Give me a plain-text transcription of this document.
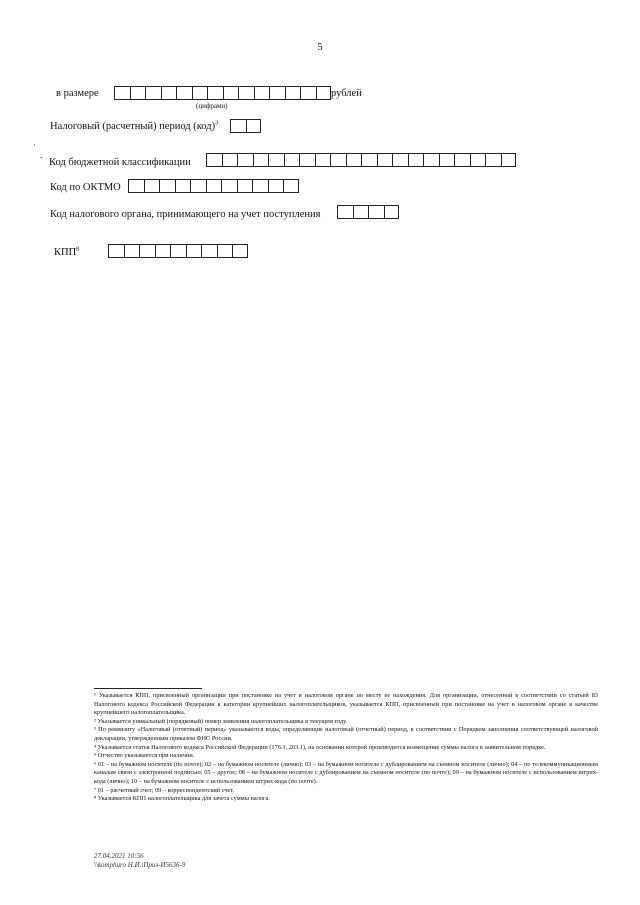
5
·
-
в размере	рублей
(цифрами)
Налоговый (расчетный) период (код)$^3$
Код бюджетной классификации
Код по ОКТМО
Код налогового органа, принимающего на учет поступления
КПП$^8$

¹ Указывается КПП, присвоенный организации при постановке на учет в налоговом органе по месту ее нахождения. Для организации, отнесенной в соответствии со статьей 83 Налогового кодекса Российской Федерации к категории крупнейших налогоплательщиков, указывается КПП, присвоенный при постановке на учет в налоговом органе в качестве крупнейшего налогоплательщика.

² Указывается уникальный (порядковый) номер заявления налогоплательщика в текущем году.

³ По реквизиту «Налоговый (отчетный) период» указываются коды, определяющие налоговый (отчетный) период, в соответствии с Порядком заполнения соответствующей налоговой декларации, утвержденным приказом ФНС России.

⁴ Указывается статья Налогового кодекса Российской Федерации (176.1, 203.1), на основании которой производится возмещение суммы налога в заявительном порядке.

⁵ Отчество указывается при наличии.

⁶ 01 – на бумажном носителе (по почте); 02 – на бумажном носителе (лично); 03 – на бумажном носителе с дублированием на съемном носителе (лично); 04 – по телекоммуникационным каналам связи с электронной подписью; 05 – другое; 08 – на бумажном носителе с дублированием на съемном носителе (по почте); 09 – на бумажном носителе с использованием штрих-кода (лично); 10 – на бумажном носителе с использованием штрих-кода (по почте).

⁷ 01 – расчетный счет; 09 – корреспондентский счет.

⁸ Указывается КПП налогоплательщика для зачета суммы налога.

27.04.2021 10:56
\\komphuro Н.И.\Приз-И5636-9
